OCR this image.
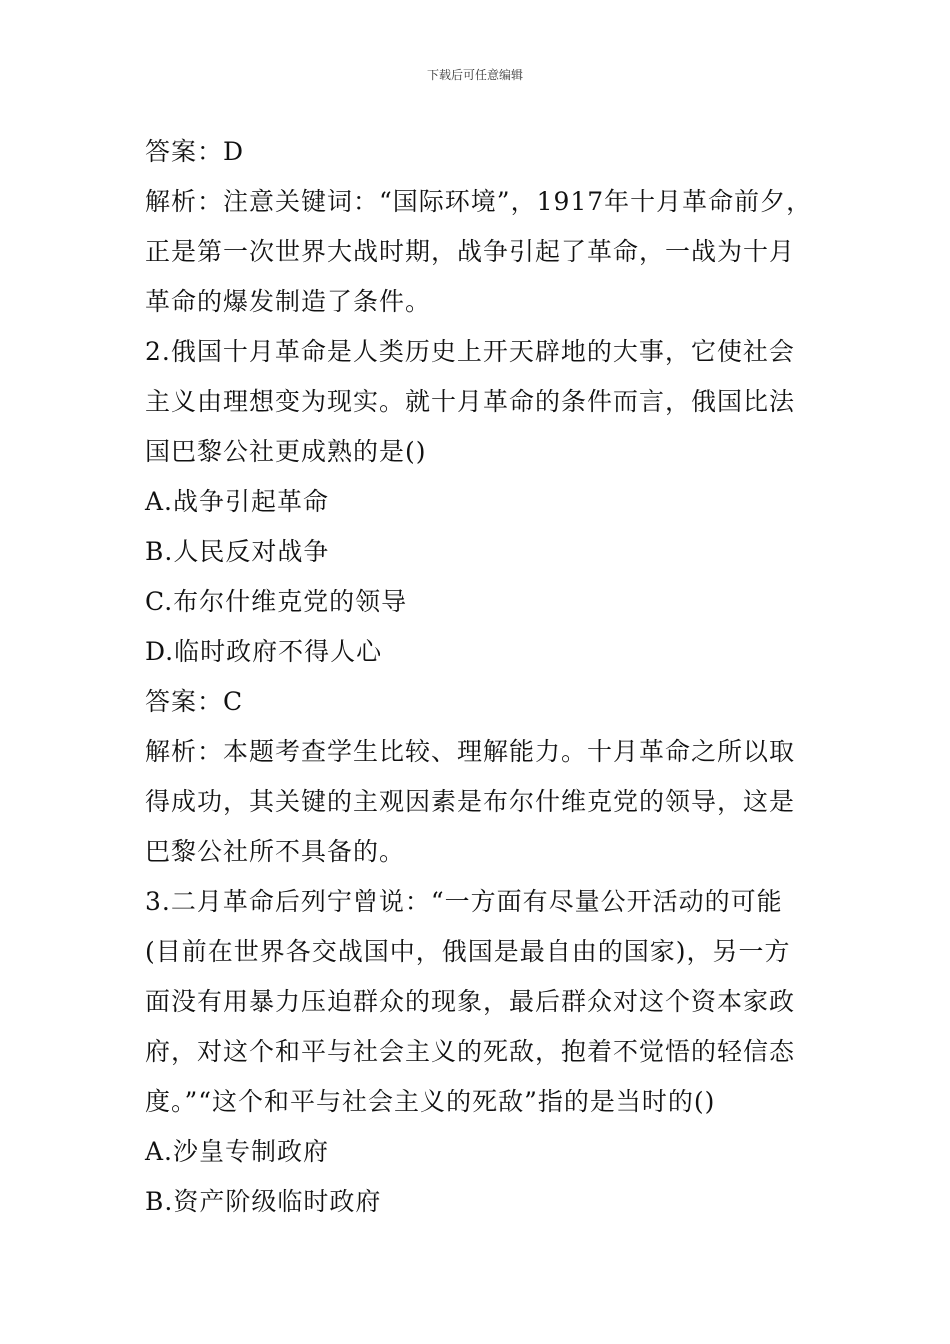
下载后可任意编辑
答案：D
解析：注意关键词：“国际环境”，1917年十月革命前夕，
正是第一次世界大战时期，战争引起了革命，一战为十月
革命的爆发制造了条件。
2.俄国十月革命是人类历史上开天辟地的大事，它使社会
主义由理想变为现实。就十月革命的条件而言，俄国比法
国巴黎公社更成熟的是()
A.战争引起革命
B.人民反对战争
C.布尔什维克党的领导
D.临时政府不得人心
答案：C
解析：本题考查学生比较、理解能力。十月革命之所以取
得成功，其关键的主观因素是布尔什维克党的领导，这是
巴黎公社所不具备的。
3.二月革命后列宁曾说：“一方面有尽量公开活动的可能
(目前在世界各交战国中，俄国是最自由的国家)，另一方
面没有用暴力压迫群众的现象，最后群众对这个资本家政
府，对这个和平与社会主义的死敌，抱着不觉悟的轻信态
度。”“这个和平与社会主义的死敌”指的是当时的()
A.沙皇专制政府
B.资产阶级临时政府
